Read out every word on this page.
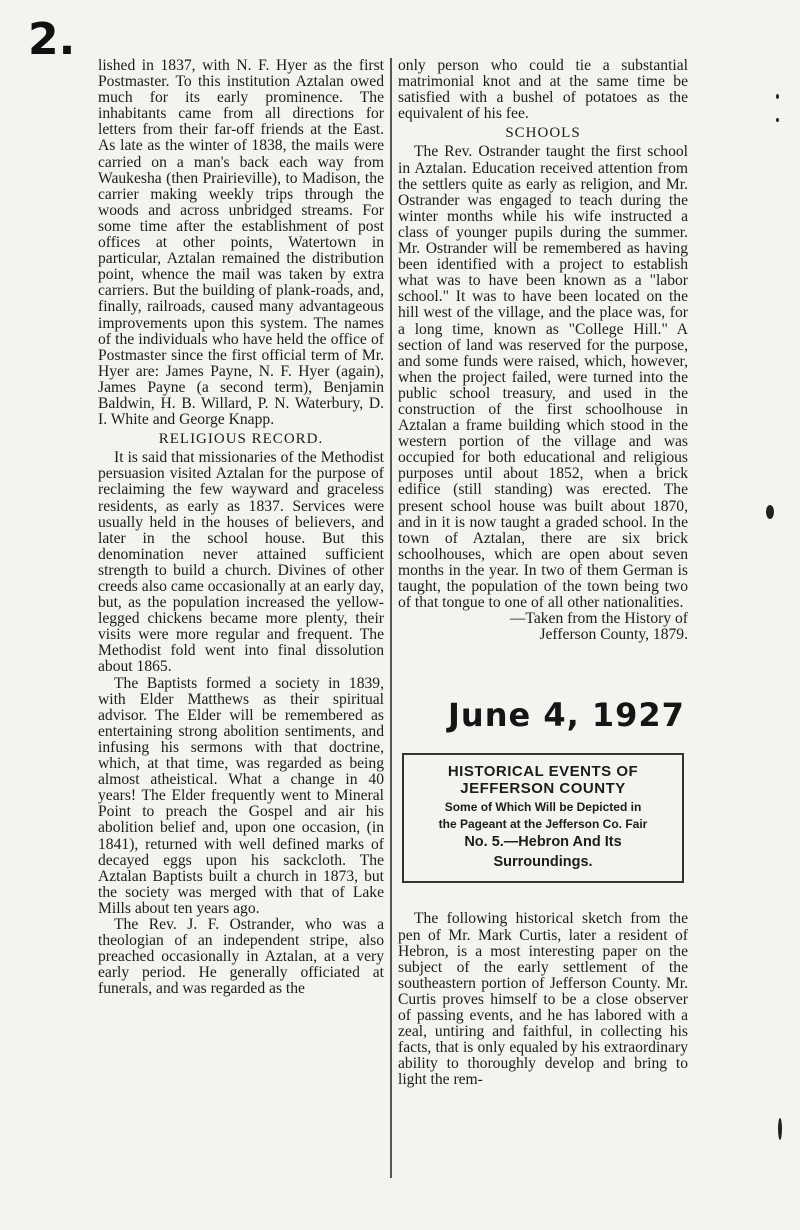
2.

lished in 1837, with N. F. Hyer as the first Postmaster. To this institution Aztalan owed much for its early prominence. The inhabitants came from all directions for letters from their far-off friends at the East. As late as the winter of 1838, the mails were carried on a man's back each way from Waukesha (then Prairieville), to Madison, the carrier making weekly trips through the woods and across unbridged streams. For some time after the establishment of post offices at other points, Watertown in particular, Aztalan remained the distribution point, whence the mail was taken by extra carriers. But the building of plank-roads, and, finally, railroads, caused many advantageous improvements upon this system. The names of the individuals who have held the office of Postmaster since the first official term of Mr. Hyer are: James Payne, N. F. Hyer (again), James Payne (a second term), Benjamin Baldwin, H. B. Willard, P. N. Waterbury, D. I. White and George Knapp.

RELIGIOUS RECORD.

It is said that missionaries of the Methodist persuasion visited Aztalan for the purpose of reclaiming the few wayward and graceless residents, as early as 1837. Services were usually held in the houses of believers, and later in the school house. But this denomination never attained sufficient strength to build a church. Divines of other creeds also came occasionally at an early day, but, as the population increased the yellow-legged chickens became more plenty, their visits were more regular and frequent. The Methodist fold went into final dissolution about 1865.

The Baptists formed a society in 1839, with Elder Matthews as their spiritual advisor. The Elder will be remembered as entertaining strong abolition sentiments, and infusing his sermons with that doctrine, which, at that time, was regarded as being almost atheistical. What a change in 40 years! The Elder frequently went to Mineral Point to preach the Gospel and air his abolition belief and, upon one occasion, (in 1841), returned with well defined marks of decayed eggs upon his sackcloth. The Aztalan Baptists built a church in 1873, but the society was merged with that of Lake Mills about ten years ago.

The Rev. J. F. Ostrander, who was a theologian of an independent stripe, also preached occasionally in Aztalan, at a very early period. He generally officiated at funerals, and was regarded as the

only person who could tie a substantial matrimonial knot and at the same time be satisfied with a bushel of potatoes as the equivalent of his fee.

SCHOOLS

The Rev. Ostrander taught the first school in Aztalan. Education received attention from the settlers quite as early as religion, and Mr. Ostrander was engaged to teach during the winter months while his wife instructed a class of younger pupils during the summer. Mr. Ostrander will be remembered as having been identified with a project to establish what was to have been known as a "labor school." It was to have been located on the hill west of the village, and the place was, for a long time, known as "College Hill." A section of land was reserved for the purpose, and some funds were raised, which, however, when the project failed, were turned into the public school treasury, and used in the construction of the first schoolhouse in Aztalan a frame building which stood in the western portion of the village and was occupied for both educational and religious purposes until about 1852, when a brick edifice (still standing) was erected. The present school house was built about 1870, and in it is now taught a graded school. In the town of Aztalan, there are six brick schoolhouses, which are open about seven months in the year. In two of them German is taught, the population of the town being two of that tongue to one of all other nationalities.

—Taken from the History of

Jefferson County, 1879.

June 4, 1927
HISTORICAL EVENTS OF
JEFFERSON COUNTY
Some of Which Will be Depicted in
the Pageant at the Jefferson Co. Fair
No. 5.—Hebron And Its
Surroundings.

The following historical sketch from the pen of Mr. Mark Curtis, later a resident of Hebron, is a most interesting paper on the subject of the early settlement of the southeastern portion of Jefferson County. Mr. Curtis proves himself to be a close observer of passing events, and he has labored with a zeal, untiring and faithful, in collecting his facts, that is only equaled by his extraordinary ability to thoroughly develop and bring to light the rem-
